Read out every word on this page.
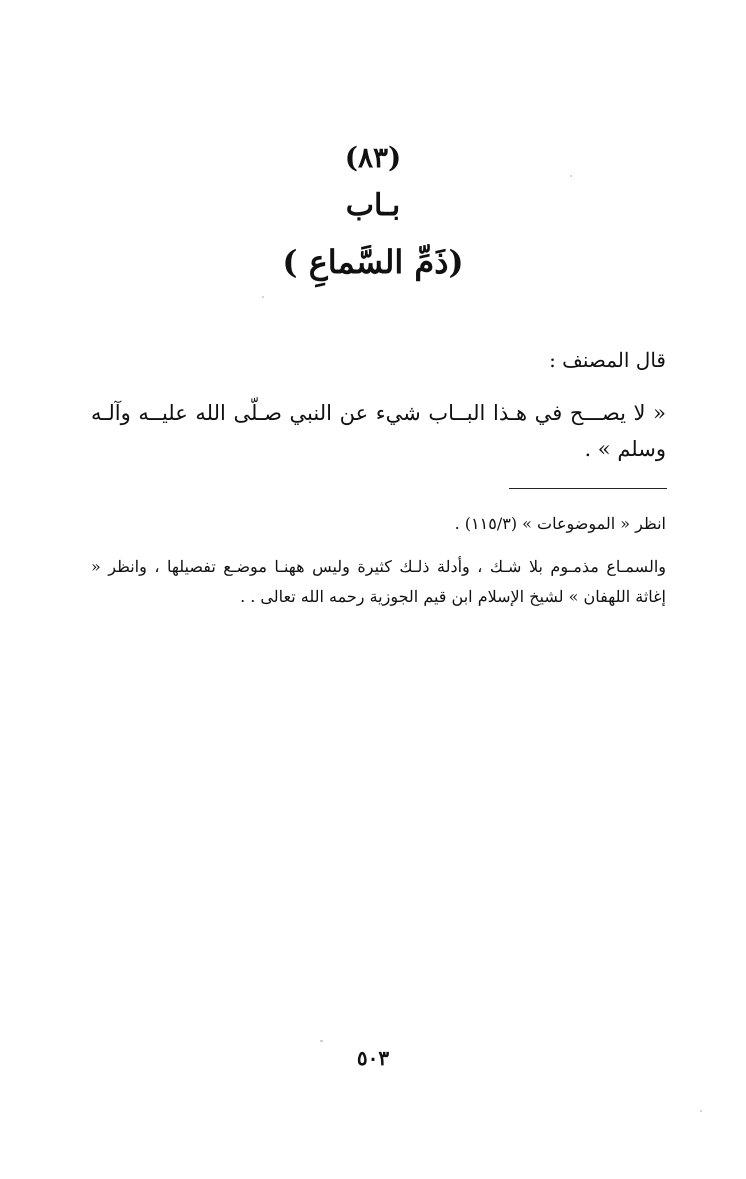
(٨٣)
بـاب
(ذَمِّ السَّماعِ )
قال المصنف :
« لا يصـــح في هـذا البــاب شيء عن النبي صـلّى الله عليــه وآلـه وسلم » .
انظر « الموضوعات » (١١٥/٣) .
والسمـاع مذمـوم بلا شـك ، وأدلة ذلـك كثيرة وليس ههنـا موضـع تفصيلها ، وانظر « إغاثة اللهفان » لشيخ الإسلام ابن قيم الجوزية رحمه الله تعالى . .
٥٠٣
